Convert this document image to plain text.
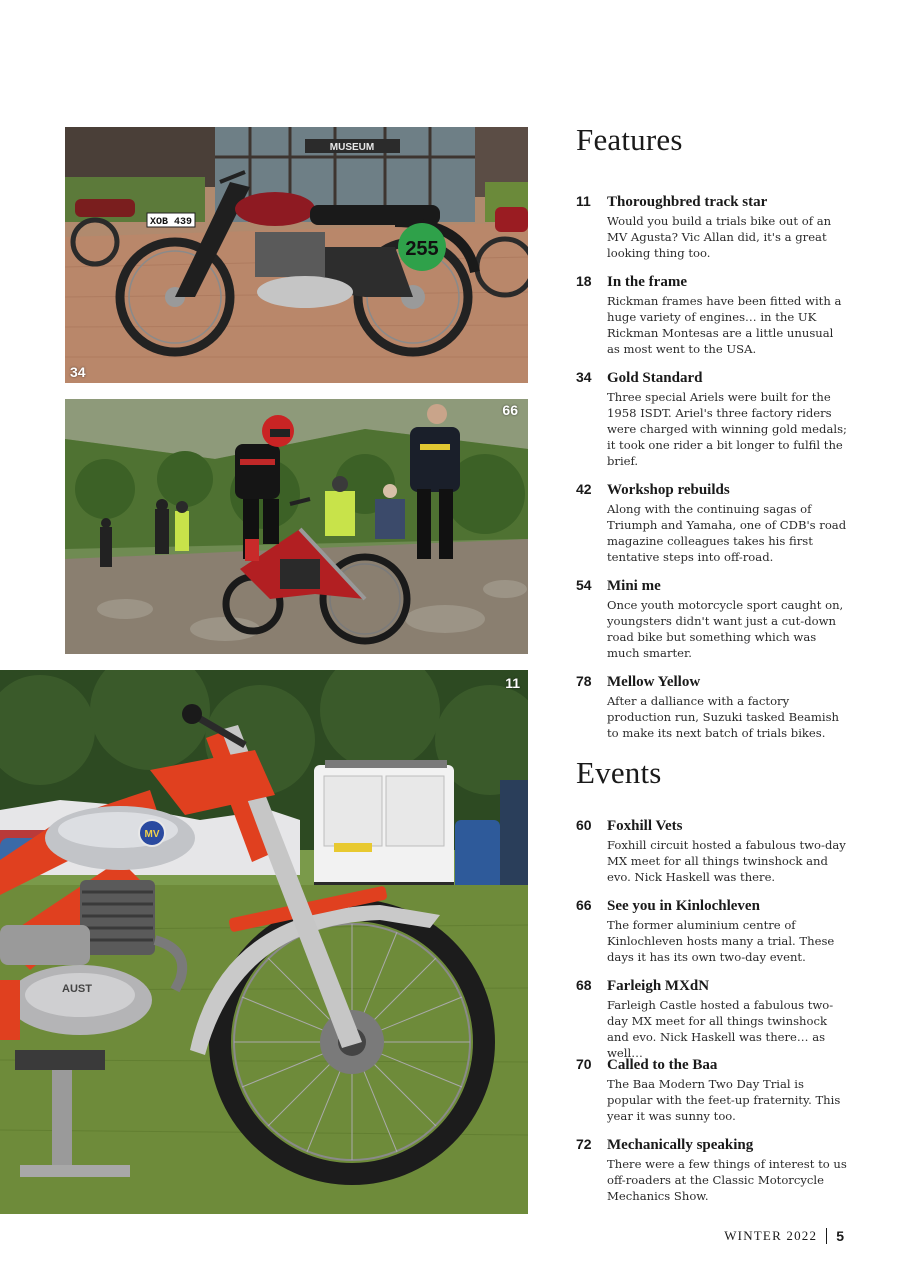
MUSEUM
XOB 439
255
34
66
MV
AUST
11
Features
11	Thoroughbred track star
Would you build a trials bike out of an MV Agusta? Vic Allan did, it's a great looking thing too.
18	In the frame
Rickman frames have been fitted with a huge variety of engines… in the UK Rickman Montesas are a little unusual as most went to the USA.
34	Gold Standard
Three special Ariels were built for the 1958 ISDT. Ariel's three factory riders were charged with winning gold medals; it took one rider a bit longer to fulfil the brief.
42	Workshop rebuilds
Along with the continuing sagas of Triumph and Yamaha, one of CDB's road magazine colleagues takes his first tentative steps into off-road.
54	Mini me
Once youth motorcycle sport caught on, youngsters didn't want just a cut-down road bike but something which was much smarter.
78	Mellow Yellow
After a dalliance with a factory production run, Suzuki tasked Beamish to make its next batch of trials bikes.
Events
60	Foxhill Vets
Foxhill circuit hosted a fabulous two-day MX meet for all things twinshock and evo. Nick Haskell was there.
66	See you in Kinlochleven
The former aluminium centre of Kinlochleven hosts many a trial. These days it has its own two-day event.
68	Farleigh MXdN
Farleigh Castle hosted a fabulous two-day MX meet for all things twinshock and evo. Nick Haskell was there… as well…
70	Called to the Baa
The Baa Modern Two Day Trial is popular with the feet-up fraternity. This year it was sunny too.
72	Mechanically speaking
There were a few things of interest to us off-roaders at the Classic Motorcycle Mechanics Show.
WINTER 2022 5
